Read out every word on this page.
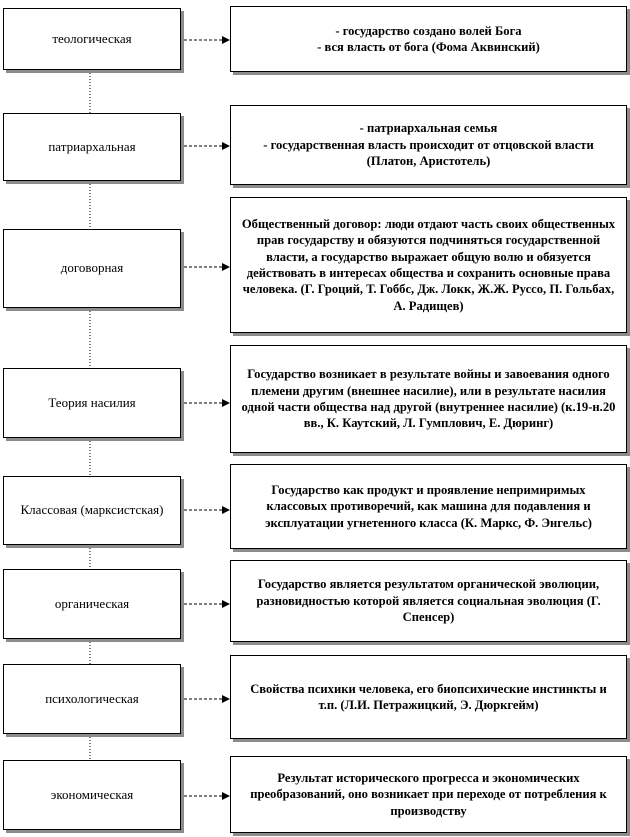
теологическая
- государство создано волей Бога
- вся власть от бога (Фома Аквинский)
патриархальная
- патриархальная семья
- государственная власть происходит от отцовской власти (Платон, Аристотель)
договорная
Общественный договор: люди отдают часть своих общественных прав государству и обязуются подчиняться государственной власти, а государство выражает общую волю и обязуется действовать в интересах общества и сохранить основные права человека. (Г. Гроций, Т. Гоббс, Дж. Локк, Ж.Ж. Руссо, П. Гольбах, А. Радищев)
Теория насилия
Государство возникает в результате войны и завоевания одного племени другим (внешнее насилие), или в результате насилия одной части общества над другой (внутреннее насилие) (к.19-н.20 вв., К. Каутский, Л. Гумплович, Е. Дюринг)
Классовая (марксистская)
Государство как продукт и проявление непримиримых классовых противоречий, как машина для подавления и эксплуатации угнетенного класса (К. Маркс, Ф. Энгельс)
органическая
Государство является результатом органической эволюции, разновидностью которой является социальная эволюция (Г. Спенсер)
психологическая
Свойства психики человека, его биопсихические инстинкты и т.п. (Л.И. Петражицкий, Э. Дюркгейм)
экономическая
Результат исторического прогресса и экономических преобразований, оно возникает при переходе от потребления к производству
